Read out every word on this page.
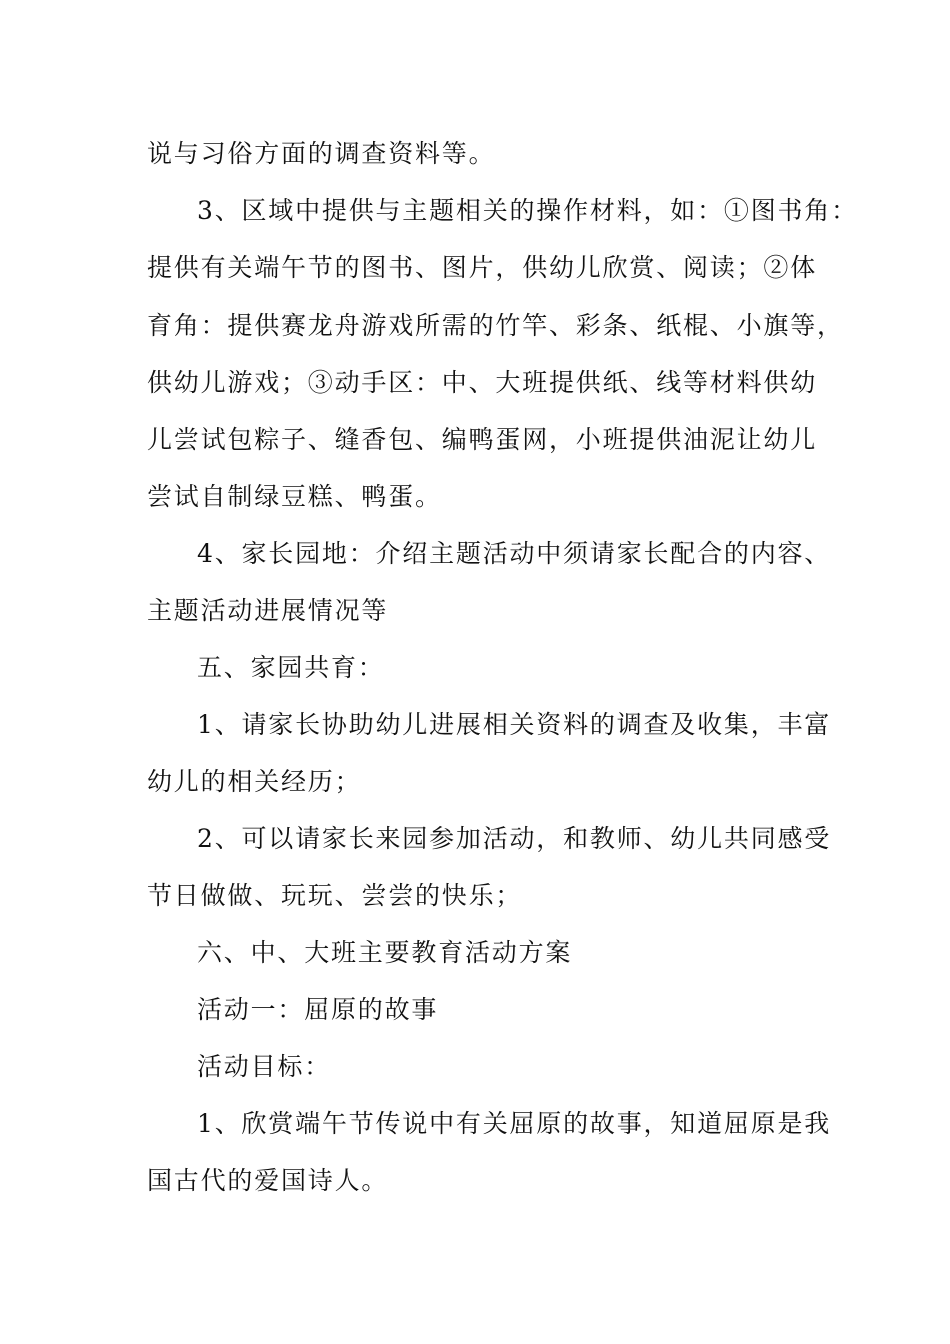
说与习俗方面的调查资料等。
3、区域中提供与主题相关的操作材料，如：①图书角：
提供有关端午节的图书、图片，供幼儿欣赏、阅读；②体
育角：提供赛龙舟游戏所需的竹竿、彩条、纸棍、小旗等，
供幼儿游戏；③动手区：中、大班提供纸、线等材料供幼
儿尝试包粽子、缝香包、编鸭蛋网，小班提供油泥让幼儿
尝试自制绿豆糕、鸭蛋。
4、家长园地：介绍主题活动中须请家长配合的内容、
主题活动进展情况等
五、家园共育：
1、请家长协助幼儿进展相关资料的调查及收集，丰富
幼儿的相关经历；
2、可以请家长来园参加活动，和教师、幼儿共同感受
节日做做、玩玩、尝尝的快乐；
六、中、大班主要教育活动方案
活动一：屈原的故事
活动目标：
1、欣赏端午节传说中有关屈原的故事，知道屈原是我
国古代的爱国诗人。
